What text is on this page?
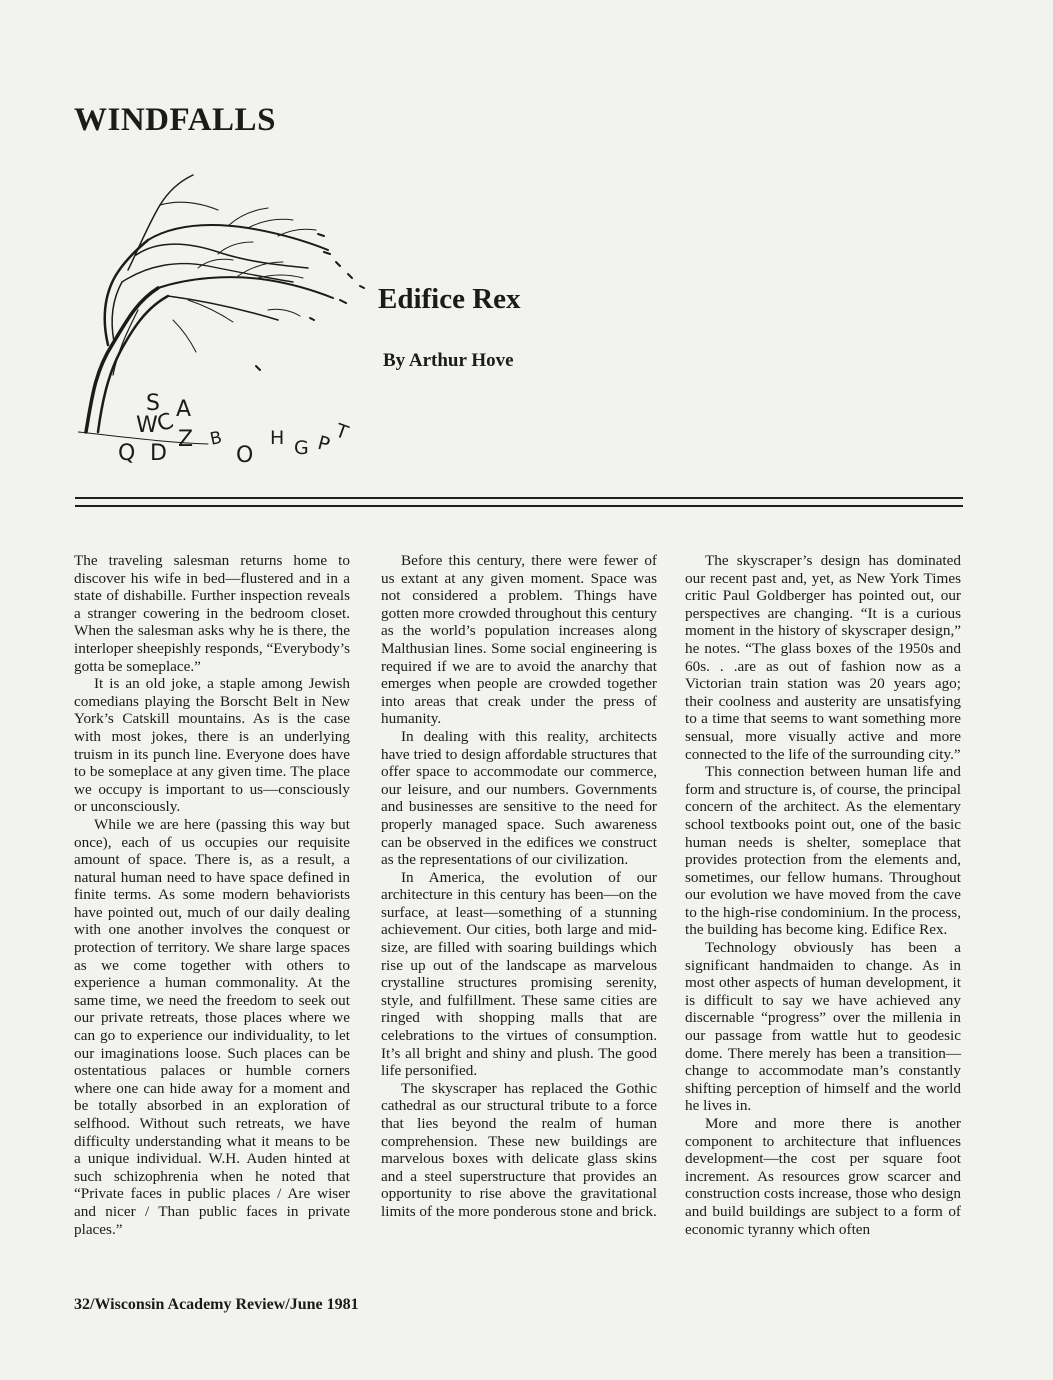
WINDFALLS
S A
W
C
Z B
Q D	O
H G P T
Edifice Rex

By Arthur Hove

The traveling salesman returns home to discover his wife in bed—flustered and in a state of dishabille. Further inspection reveals a stranger cowering in the bedroom closet. When the salesman asks why he is there, the interloper sheepishly responds, “Everybody’s gotta be someplace.”

It is an old joke, a staple among Jewish comedians playing the Borscht Belt in New York’s Catskill mountains. As is the case with most jokes, there is an underlying truism in its punch line. Everyone does have to be someplace at any given time. The place we occupy is important to us—consciously or unconsciously.

While we are here (passing this way but once), each of us occupies our requisite amount of space. There is, as a result, a natural human need to have space defined in finite terms. As some modern behaviorists have pointed out, much of our daily dealing with one another involves the conquest or protection of territory. We share large spaces as we come together with others to experience a human commonality. At the same time, we need the freedom to seek out our private retreats, those places where we can go to experience our individuality, to let our imaginations loose. Such places can be ostentatious palaces or humble corners where one can hide away for a moment and be totally absorbed in an exploration of selfhood. Without such retreats, we have difficulty understanding what it means to be a unique individual. W.H. Auden hinted at such schizophrenia when he noted that “Private faces in public places / Are wiser and nicer / Than public faces in private places.”

Before this century, there were fewer of us extant at any given moment. Space was not considered a problem. Things have gotten more crowded throughout this century as the world’s population increases along Malthusian lines. Some social engineering is required if we are to avoid the anarchy that emerges when people are crowded together into areas that creak under the press of humanity.

In dealing with this reality, architects have tried to design affordable structures that offer space to accommodate our commerce, our leisure, and our numbers. Governments and businesses are sensitive to the need for properly managed space. Such awareness can be observed in the edifices we construct as the representations of our civilization.

In America, the evolution of our architecture in this century has been—on the surface, at least—something of a stunning achievement. Our cities, both large and mid-size, are filled with soaring buildings which rise up out of the landscape as marvelous crystalline structures promising serenity, style, and fulfillment. These same cities are ringed with shopping malls that are celebrations to the virtues of consumption. It’s all bright and shiny and plush. The good life personified.

The skyscraper has replaced the Gothic cathedral as our structural tribute to a force that lies beyond the realm of human comprehension. These new buildings are marvelous boxes with delicate glass skins and a steel superstructure that provides an opportunity to rise above the gravitational limits of the more ponderous stone and brick.

The skyscraper’s design has dominated our recent past and, yet, as New York Times critic Paul Goldberger has pointed out, our perspectives are changing. “It is a curious moment in the history of skyscraper design,” he notes. “The glass boxes of the 1950s and 60s. . .are as out of fashion now as a Victorian train station was 20 years ago; their coolness and austerity are unsatisfying to a time that seems to want something more sensual, more visually active and more connected to the life of the surrounding city.”

This connection between human life and form and structure is, of course, the principal concern of the architect. As the elementary school textbooks point out, one of the basic human needs is shelter, someplace that provides protection from the elements and, sometimes, our fellow humans. Throughout our evolution we have moved from the cave to the high-rise condominium. In the process, the building has become king. Edifice Rex.

Technology obviously has been a significant handmaiden to change. As in most other aspects of human development, it is difficult to say we have achieved any discernable “progress” over the millenia in our passage from wattle hut to geodesic dome. There merely has been a transition—change to accommodate man’s constantly shifting perception of himself and the world he lives in.

More and more there is another component to architecture that influences development—the cost per square foot increment. As resources grow scarcer and construction costs increase, those who design and build buildings are subject to a form of economic tyranny which often

32/Wisconsin Academy Review/June 1981
